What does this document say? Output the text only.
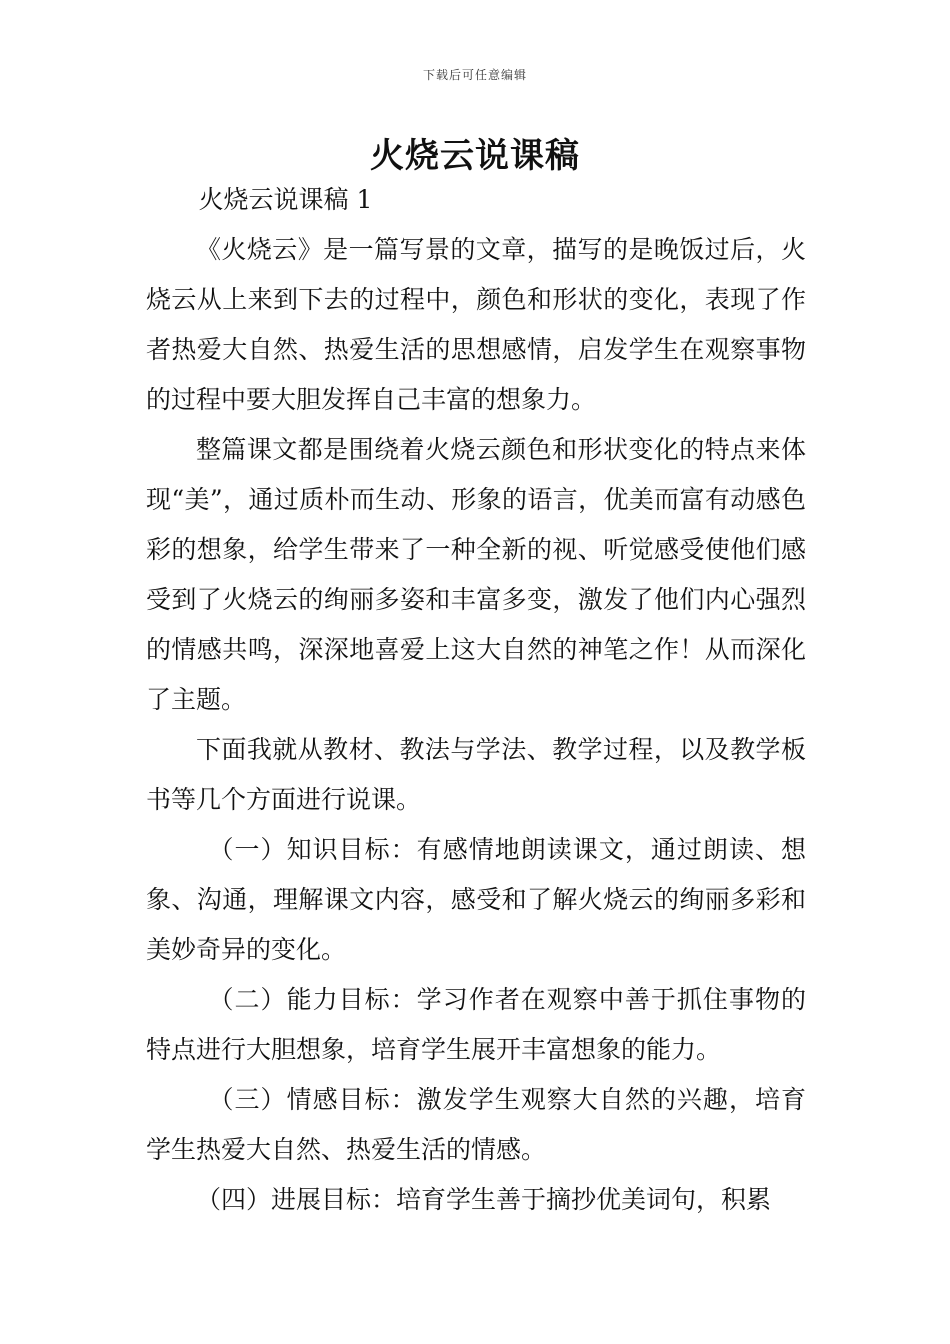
下载后可任意编辑
火烧云说课稿

火烧云说课稿 1

《火烧云》是一篇写景的文章，描写的是晚饭过后，火烧云从上来到下去的过程中，颜色和形状的变化，表现了作者热爱大自然、热爱生活的思想感情，启发学生在观察事物的过程中要大胆发挥自己丰富的想象力。

整篇课文都是围绕着火烧云颜色和形状变化的特点来体现“美”，通过质朴而生动、形象的语言，优美而富有动感色彩的想象，给学生带来了一种全新的视、听觉感受使他们感受到了火烧云的绚丽多姿和丰富多变，激发了他们内心强烈的情感共鸣，深深地喜爱上这大自然的神笔之作！从而深化了主题。

下面我就从教材、教法与学法、教学过程，以及教学板书等几个方面进行说课。

（一）知识目标：有感情地朗读课文，通过朗读、想象、沟通，理解课文内容，感受和了解火烧云的绚丽多彩和美妙奇异的变化。

（二）能力目标：学习作者在观察中善于抓住事物的特点进行大胆想象，培育学生展开丰富想象的能力。

（三）情感目标：激发学生观察大自然的兴趣，培育学生热爱大自然、热爱生活的情感。

（四）进展目标：培育学生善于摘抄优美词句，积累
